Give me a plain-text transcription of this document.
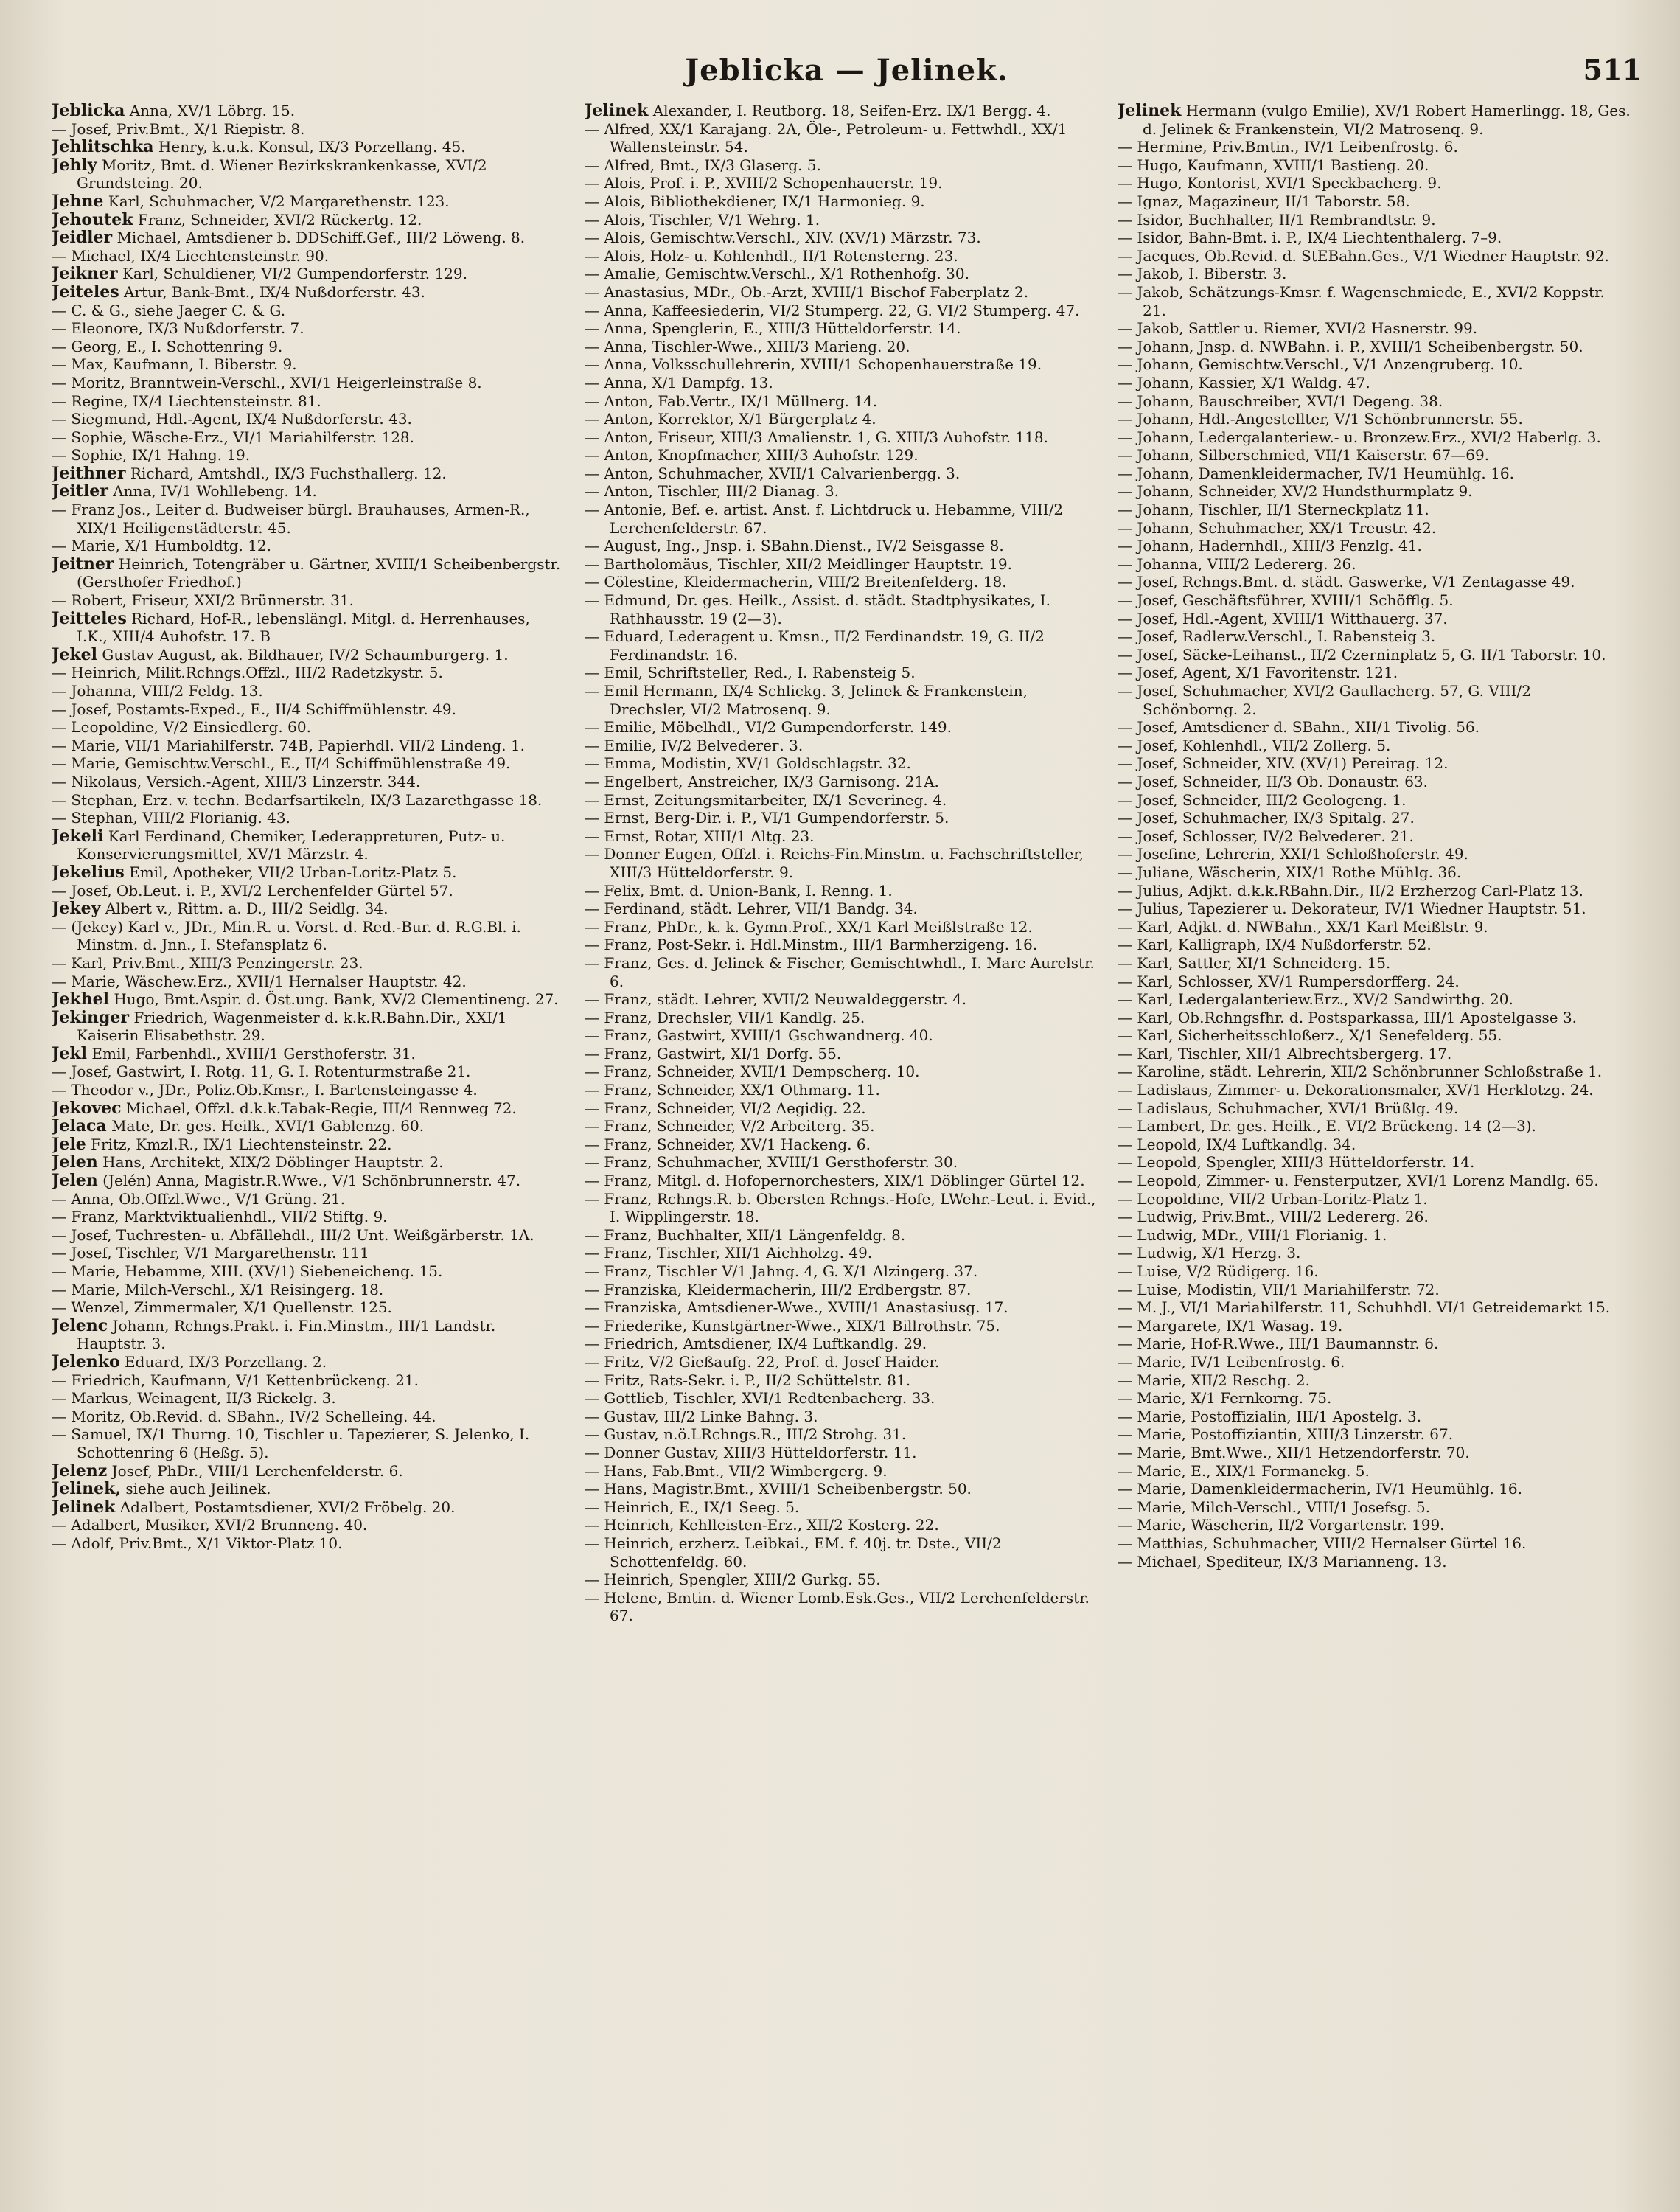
Jeblicka — Jelinek.	511

Jeblicka Anna, XV/1 Löbrg. 15.

— Josef, Priv.Bmt., X/1 Riepistr. 8.

Jehlitschka Henry, k.u.k. Konsul, IX/3 Porzellang. 45.

Jehly Moritz, Bmt. d. Wiener Bezirkskrankenkasse, XVI/2 Grundsteing. 20.

Jehne Karl, Schuhmacher, V/2 Margarethenstr. 123.

Jehoutek Franz, Schneider, XVI/2 Rückertg. 12.

Jeidler Michael, Amtsdiener b. DDSchiff.Gef., III/2 Löweng. 8.

— Michael, IX/4 Liechtensteinstr. 90.

Jeikner Karl, Schuldiener, VI/2 Gumpendorferstr. 129.

Jeiteles Artur, Bank-Bmt., IX/4 Nußdorferstr. 43.

— C. & G., siehe Jaeger C. & G.

— Eleonore, IX/3 Nußdorferstr. 7.

— Georg, E., I. Schottenring 9.

— Max, Kaufmann, I. Biberstr. 9.

— Moritz, Branntwein-Verschl., XVI/1 Heigerleinstraße 8.

— Regine, IX/4 Liechtensteinstr. 81.

— Siegmund, Hdl.-Agent, IX/4 Nußdorferstr. 43.

— Sophie, Wäsche-Erz., VI/1 Mariahilferstr. 128.

— Sophie, IX/1 Hahng. 19.

Jeithner Richard, Amtshdl., IX/3 Fuchsthallerg. 12.

Jeitler Anna, IV/1 Wohllebeng. 14.

— Franz Jos., Leiter d. Budweiser bürgl. Brauhauses, Armen-R., XIX/1 Heiligenstädterstr. 45.

— Marie, X/1 Humboldtg. 12.

Jeitner Heinrich, Totengräber u. Gärtner, XVIII/1 Scheibenbergstr. (Gersthofer Friedhof.)

— Robert, Friseur, XXI/2 Brünnerstr. 31.

Jeitteles Richard, Hof-R., lebenslängl. Mitgl. d. Herrenhauses, I.K., XIII/4 Auhofstr. 17. B

Jekel Gustav August, ak. Bildhauer, IV/2 Schaumburgerg. 1.

— Heinrich, Milit.Rchngs.Offzl., III/2 Radetzkystr. 5.

— Johanna, VIII/2 Feldg. 13.

— Josef, Postamts-Exped., E., II/4 Schiffmühlenstr. 49.

— Leopoldine, V/2 Einsiedlerg. 60.

— Marie, VII/1 Mariahilferstr. 74B, Papierhdl. VII/2 Lindeng. 1.

— Marie, Gemischtw.Verschl., E., II/4 Schiffmühlenstraße 49.

— Nikolaus, Versich.-Agent, XIII/3 Linzerstr. 344.

— Stephan, Erz. v. techn. Bedarfsartikeln, IX/3 Lazarethgasse 18.

— Stephan, VIII/2 Florianig. 43.

Jekeli Karl Ferdinand, Chemiker, Lederappreturen, Putz- u. Konservierungsmittel, XV/1 Märzstr. 4.

Jekelius Emil, Apotheker, VII/2 Urban-Loritz-Platz 5.

— Josef, Ob.Leut. i. P., XVI/2 Lerchenfelder Gürtel 57.

Jekey Albert v., Rittm. a. D., III/2 Seidlg. 34.

— (Jekey) Karl v., JDr., Min.R. u. Vorst. d. Red.-Bur. d. R.G.Bl. i. Minstm. d. Jnn., I. Stefansplatz 6.

— Karl, Priv.Bmt., XIII/3 Penzingerstr. 23.

— Marie, Wäschew.Erz., XVII/1 Hernalser Hauptstr. 42.

Jekhel Hugo, Bmt.Aspir. d. Öst.ung. Bank, XV/2 Clementineng. 27.

Jekinger Friedrich, Wagenmeister d. k.k.R.Bahn.Dir., XXI/1 Kaiserin Elisabethstr. 29.

Jekl Emil, Farbenhdl., XVIII/1 Gersthoferstr. 31.

— Josef, Gastwirt, I. Rotg. 11, G. I. Rotenturmstraße 21.

— Theodor v., JDr., Poliz.Ob.Kmsr., I. Bartensteingasse 4.

Jekovec Michael, Offzl. d.k.k.Tabak-Regie, III/4 Rennweg 72.

Jelaca Mate, Dr. ges. Heilk., XVI/1 Gablenzg. 60.

Jele Fritz, Kmzl.R., IX/1 Liechtensteinstr. 22.

Jelen Hans, Architekt, XIX/2 Döblinger Hauptstr. 2.

Jelen (Jelén) Anna, Magistr.R.Wwe., V/1 Schönbrunnerstr. 47.

— Anna, Ob.Offzl.Wwe., V/1 Grüng. 21.

— Franz, Marktviktualienhdl., VII/2 Stiftg. 9.

— Josef, Tuchresten- u. Abfällehdl., III/2 Unt. Weißgärberstr. 1A.

— Josef, Tischler, V/1 Margarethenstr. 111

— Marie, Hebamme, XIII. (XV/1) Siebeneicheng. 15.

— Marie, Milch-Verschl., X/1 Reisingerg. 18.

— Wenzel, Zimmermaler, X/1 Quellenstr. 125.

Jelenc Johann, Rchngs.Prakt. i. Fin.Minstm., III/1 Landstr. Hauptstr. 3.

Jelenko Eduard, IX/3 Porzellang. 2.

— Friedrich, Kaufmann, V/1 Kettenbrückeng. 21.

— Markus, Weinagent, II/3 Rickelg. 3.

— Moritz, Ob.Revid. d. SBahn., IV/2 Schelleing. 44.

— Samuel, IX/1 Thurng. 10, Tischler u. Tapezierer, S. Jelenko, I. Schottenring 6 (Heßg. 5).

Jelenz Josef, PhDr., VIII/1 Lerchenfelderstr. 6.

Jelinek, siehe auch Jeilinek.

Jelinek Adalbert, Postamtsdiener, XVI/2 Fröbelg. 20.

— Adalbert, Musiker, XVI/2 Brunneng. 40.

— Adolf, Priv.Bmt., X/1 Viktor-Platz 10.

Jelinek Alexander, I. Reutborg. 18, Seifen-Erz. IX/1 Bergg. 4.

— Alfred, XX/1 Karajang. 2A, Öle-, Petroleum- u. Fettwhdl., XX/1 Wallensteinstr. 54.

— Alfred, Bmt., IX/3 Glaserg. 5.

— Alois, Prof. i. P., XVIII/2 Schopenhauerstr. 19.

— Alois, Bibliothekdiener, IX/1 Harmonieg. 9.

— Alois, Tischler, V/1 Wehrg. 1.

— Alois, Gemischtw.Verschl., XIV. (XV/1) Märzstr. 73.

— Alois, Holz- u. Kohlenhdl., II/1 Rotensterng. 23.

— Amalie, Gemischtw.Verschl., X/1 Rothenhofg. 30.

— Anastasius, MDr., Ob.-Arzt, XVIII/1 Bischof Faberplatz 2.

— Anna, Kaffeesiederin, VI/2 Stumperg. 22, G. VI/2 Stumperg. 47.

— Anna, Spenglerin, E., XIII/3 Hütteldorferstr. 14.

— Anna, Tischler-Wwe., XIII/3 Marieng. 20.

— Anna, Volksschullehrerin, XVIII/1 Schopenhauerstraße 19.

— Anna, X/1 Dampfg. 13.

— Anton, Fab.Vertr., IX/1 Müllnerg. 14.

— Anton, Korrektor, X/1 Bürgerplatz 4.

— Anton, Friseur, XIII/3 Amalienstr. 1, G. XIII/3 Auhofstr. 118.

— Anton, Knopfmacher, XIII/3 Auhofstr. 129.

— Anton, Schuhmacher, XVII/1 Calvarienbergg. 3.

— Anton, Tischler, III/2 Dianag. 3.

— Antonie, Bef. e. artist. Anst. f. Lichtdruck u. Hebamme, VIII/2 Lerchenfelderstr. 67.

— August, Ing., Jnsp. i. SBahn.Dienst., IV/2 Seisgasse 8.

— Bartholomäus, Tischler, XII/2 Meidlinger Hauptstr. 19.

— Cölestine, Kleidermacherin, VIII/2 Breitenfelderg. 18.

— Edmund, Dr. ges. Heilk., Assist. d. städt. Stadtphysikates, I. Rathhausstr. 19 (2—3).

— Eduard, Lederagent u. Kmsn., II/2 Ferdinandstr. 19, G. II/2 Ferdinandstr. 16.

— Emil, Schriftsteller, Red., I. Rabensteig 5.

— Emil Hermann, IX/4 Schlickg. 3, Jelinek & Frankenstein, Drechsler, VI/2 Matrosenq. 9.

— Emilie, Möbelhdl., VI/2 Gumpendorferstr. 149.

— Emilie, IV/2 Belvederег. 3.

— Emma, Modistin, XV/1 Goldschlagstr. 32.

— Engelbert, Anstreicher, IX/3 Garnisong. 21A.

— Ernst, Zeitungsmitarbeiter, IX/1 Severineg. 4.

— Ernst, Berg-Dir. i. P., VI/1 Gumpendorferstr. 5.

— Ernst, Rotar, XIII/1 Altg. 23.

— Donner Eugen, Offzl. i. Reichs-Fin.Minstm. u. Fachschriftsteller, XIII/3 Hütteldorferstr. 9.

— Felix, Bmt. d. Union-Bank, I. Renng. 1.

— Ferdinand, städt. Lehrer, VII/1 Bandg. 34.

— Franz, PhDr., k. k. Gymn.Prof., XX/1 Karl Meißlstraße 12.

— Franz, Post-Sekr. i. Hdl.Minstm., III/1 Barmherzigeng. 16.

— Franz, Ges. d. Jelinek & Fischer, Gemischtwhdl., I. Marc Aurelstr. 6.

— Franz, städt. Lehrer, XVII/2 Neuwaldeggerstr. 4.

— Franz, Drechsler, VII/1 Kandlg. 25.

— Franz, Gastwirt, XVIII/1 Gschwandnerg. 40.

— Franz, Gastwirt, XI/1 Dorfg. 55.

— Franz, Schneider, XVII/1 Dempscherg. 10.

— Franz, Schneider, XX/1 Othmarg. 11.

— Franz, Schneider, VI/2 Aegidig. 22.

— Franz, Schneider, V/2 Arbeiterg. 35.

— Franz, Schneider, XV/1 Hackeng. 6.

— Franz, Schuhmacher, XVIII/1 Gersthoferstr. 30.

— Franz, Mitgl. d. Hofopernorchesters, XIX/1 Döblinger Gürtel 12.

— Franz, Rchngs.R. b. Obersten Rchngs.-Hofe, LWehr.-Leut. i. Evid., I. Wipplingerstr. 18.

— Franz, Buchhalter, XII/1 Längenfeldg. 8.

— Franz, Tischler, XII/1 Aichholzg. 49.

— Franz, Tischler V/1 Jahng. 4, G. X/1 Alzingerg. 37.

— Franziska, Kleidermacherin, III/2 Erdbergstr. 87.

— Franziska, Amtsdiener-Wwe., XVIII/1 Anastasiusg. 17.

— Friederike, Kunstgärtner-Wwe., XIX/1 Billrothstr. 75.

— Friedrich, Amtsdiener, IX/4 Luftkandlg. 29.

— Fritz, V/2 Gießaufg. 22, Prof. d. Josef Haider.

— Fritz, Rats-Sekr. i. P., II/2 Schüttelstr. 81.

— Gottlieb, Tischler, XVI/1 Redtenbacherg. 33.

— Gustav, III/2 Linke Bahng. 3.

— Gustav, n.ö.LRchngs.R., III/2 Strohg. 31.

— Donner Gustav, XIII/3 Hütteldorferstr. 11.

— Hans, Fab.Bmt., VII/2 Wimbergerg. 9.

— Hans, Magistr.Bmt., XVIII/1 Scheibenbergstr. 50.

— Heinrich, E., IX/1 Seeg. 5.

— Heinrich, Kehlleisten-Erz., XII/2 Kosterg. 22.

— Heinrich, erzherz. Leibkai., EM. f. 40j. tr. Dste., VII/2 Schottenfeldg. 60.

— Heinrich, Spengler, XIII/2 Gurkg. 55.

— Helene, Bmtin. d. Wiener Lomb.Esk.Ges., VII/2 Lerchenfelderstr. 67.

Jelinek Hermann (vulgo Emilie), XV/1 Robert Hamerlingg. 18, Ges. d. Jelinek & Frankenstein, VI/2 Matrosenq. 9.

— Hermine, Priv.Bmtin., IV/1 Leibenfrostg. 6.

— Hugo, Kaufmann, XVIII/1 Bastieng. 20.

— Hugo, Kontorist, XVI/1 Speckbacherg. 9.

— Ignaz, Magazineur, II/1 Taborstr. 58.

— Isidor, Buchhalter, II/1 Rembrandtstr. 9.

— Isidor, Bahn-Bmt. i. P., IX/4 Liechtenthalerg. 7–9.

— Jacques, Ob.Revid. d. StEBahn.Ges., V/1 Wiedner Hauptstr. 92.

— Jakob, I. Biberstr. 3.

— Jakob, Schätzungs-Kmsr. f. Wagenschmiede, E., XVI/2 Koppstr. 21.

— Jakob, Sattler u. Riemer, XVI/2 Hasnerstr. 99.

— Johann, Jnsp. d. NWBahn. i. P., XVIII/1 Scheibenbergstr. 50.

— Johann, Gemischtw.Verschl., V/1 Anzengruberg. 10.

— Johann, Kassier, X/1 Waldg. 47.

— Johann, Bauschreiber, XVI/1 Degeng. 38.

— Johann, Hdl.-Angestellter, V/1 Schönbrunnerstr. 55.

— Johann, Ledergalanteriew.- u. Bronzew.Erz., XVI/2 Haberlg. 3.

— Johann, Silberschmied, VII/1 Kaiserstr. 67—69.

— Johann, Damenkleidermacher, IV/1 Heumühlg. 16.

— Johann, Schneider, XV/2 Hundsthurmplatz 9.

— Johann, Tischler, II/1 Sterneckplatz 11.

— Johann, Schuhmacher, XX/1 Treustr. 42.

— Johann, Hadernhdl., XIII/3 Fenzlg. 41.

— Johanna, VIII/2 Ledererg. 26.

— Josef, Rchngs.Bmt. d. städt. Gaswerke, V/1 Zentagasse 49.

— Josef, Geschäftsführer, XVIII/1 Schöfflg. 5.

— Josef, Hdl.-Agent, XVIII/1 Witthauerg. 37.

— Josef, Radlerw.Verschl., I. Rabensteig 3.

— Josef, Säcke-Leihanst., II/2 Czerninplatz 5, G. II/1 Taborstr. 10.

— Josef, Agent, X/1 Favoritenstr. 121.

— Josef, Schuhmacher, XVI/2 Gaullacherg. 57, G. VIII/2 Schönborng. 2.

— Josef, Amtsdiener d. SBahn., XII/1 Tivolig. 56.

— Josef, Kohlenhdl., VII/2 Zollerg. 5.

— Josef, Schneider, XIV. (XV/1) Pereirag. 12.

— Josef, Schneider, II/3 Ob. Donaustr. 63.

— Josef, Schneider, III/2 Geologeng. 1.

— Josef, Schuhmacher, IX/3 Spitalg. 27.

— Josef, Schlosser, IV/2 Belvederег. 21.

— Josefine, Lehrerin, XXI/1 Schloßhoferstr. 49.

— Juliane, Wäscherin, XIX/1 Rothe Mühlg. 36.

— Julius, Adjkt. d.k.k.RBahn.Dir., II/2 Erzherzog Carl-Platz 13.

— Julius, Tapezierer u. Dekorateur, IV/1 Wiedner Hauptstr. 51.

— Karl, Adjkt. d. NWBahn., XX/1 Karl Meißlstr. 9.

— Karl, Kalligraph, IX/4 Nußdorferstr. 52.

— Karl, Sattler, XI/1 Schneiderg. 15.

— Karl, Schlosser, XV/1 Rumpersdorfferg. 24.

— Karl, Ledergalanteriew.Erz., XV/2 Sandwirthg. 20.

— Karl, Ob.Rchngsfhr. d. Postsparkassa, III/1 Apostelgasse 3.

— Karl, Sicherheitsschloßerz., X/1 Senefelderg. 55.

— Karl, Tischler, XII/1 Albrechtsbergerg. 17.

— Karoline, städt. Lehrerin, XII/2 Schönbrunner Schloßstraße 1.

— Ladislaus, Zimmer- u. Dekorationsmaler, XV/1 Herklotzg. 24.

— Ladislaus, Schuhmacher, XVI/1 Brüßlg. 49.

— Lambert, Dr. ges. Heilk., E. VI/2 Brückeng. 14 (2—3).

— Leopold, IX/4 Luftkandlg. 34.

— Leopold, Spengler, XIII/3 Hütteldorferstr. 14.

— Leopold, Zimmer- u. Fensterputzer, XVI/1 Lorenz Mandlg. 65.

— Leopoldine, VII/2 Urban-Loritz-Platz 1.

— Ludwig, Priv.Bmt., VIII/2 Ledererg. 26.

— Ludwig, MDr., VIII/1 Florianig. 1.

— Ludwig, X/1 Herzg. 3.

— Luise, V/2 Rüdigerg. 16.

— Luise, Modistin, VII/1 Mariahilferstr. 72.

— M. J., VI/1 Mariahilferstr. 11, Schuhhdl. VI/1 Getreidemarkt 15.

— Margarete, IX/1 Wasag. 19.

— Marie, Hof-R.Wwe., III/1 Baumannstr. 6.

— Marie, IV/1 Leibenfrostg. 6.

— Marie, XII/2 Reschg. 2.

— Marie, X/1 Fernkorng. 75.

— Marie, Postoffizialin, III/1 Apostelg. 3.

— Marie, Postoffiziantin, XIII/3 Linzerstr. 67.

— Marie, Bmt.Wwe., XII/1 Hetzendorferstr. 70.

— Marie, E., XIX/1 Formanekg. 5.

— Marie, Damenkleidermacherin, IV/1 Heumühlg. 16.

— Marie, Milch-Verschl., VIII/1 Josefsg. 5.

— Marie, Wäscherin, II/2 Vorgartenstr. 199.

— Matthias, Schuhmacher, VIII/2 Hernalser Gürtel 16.

— Michael, Spediteur, IX/3 Marianneng. 13.
